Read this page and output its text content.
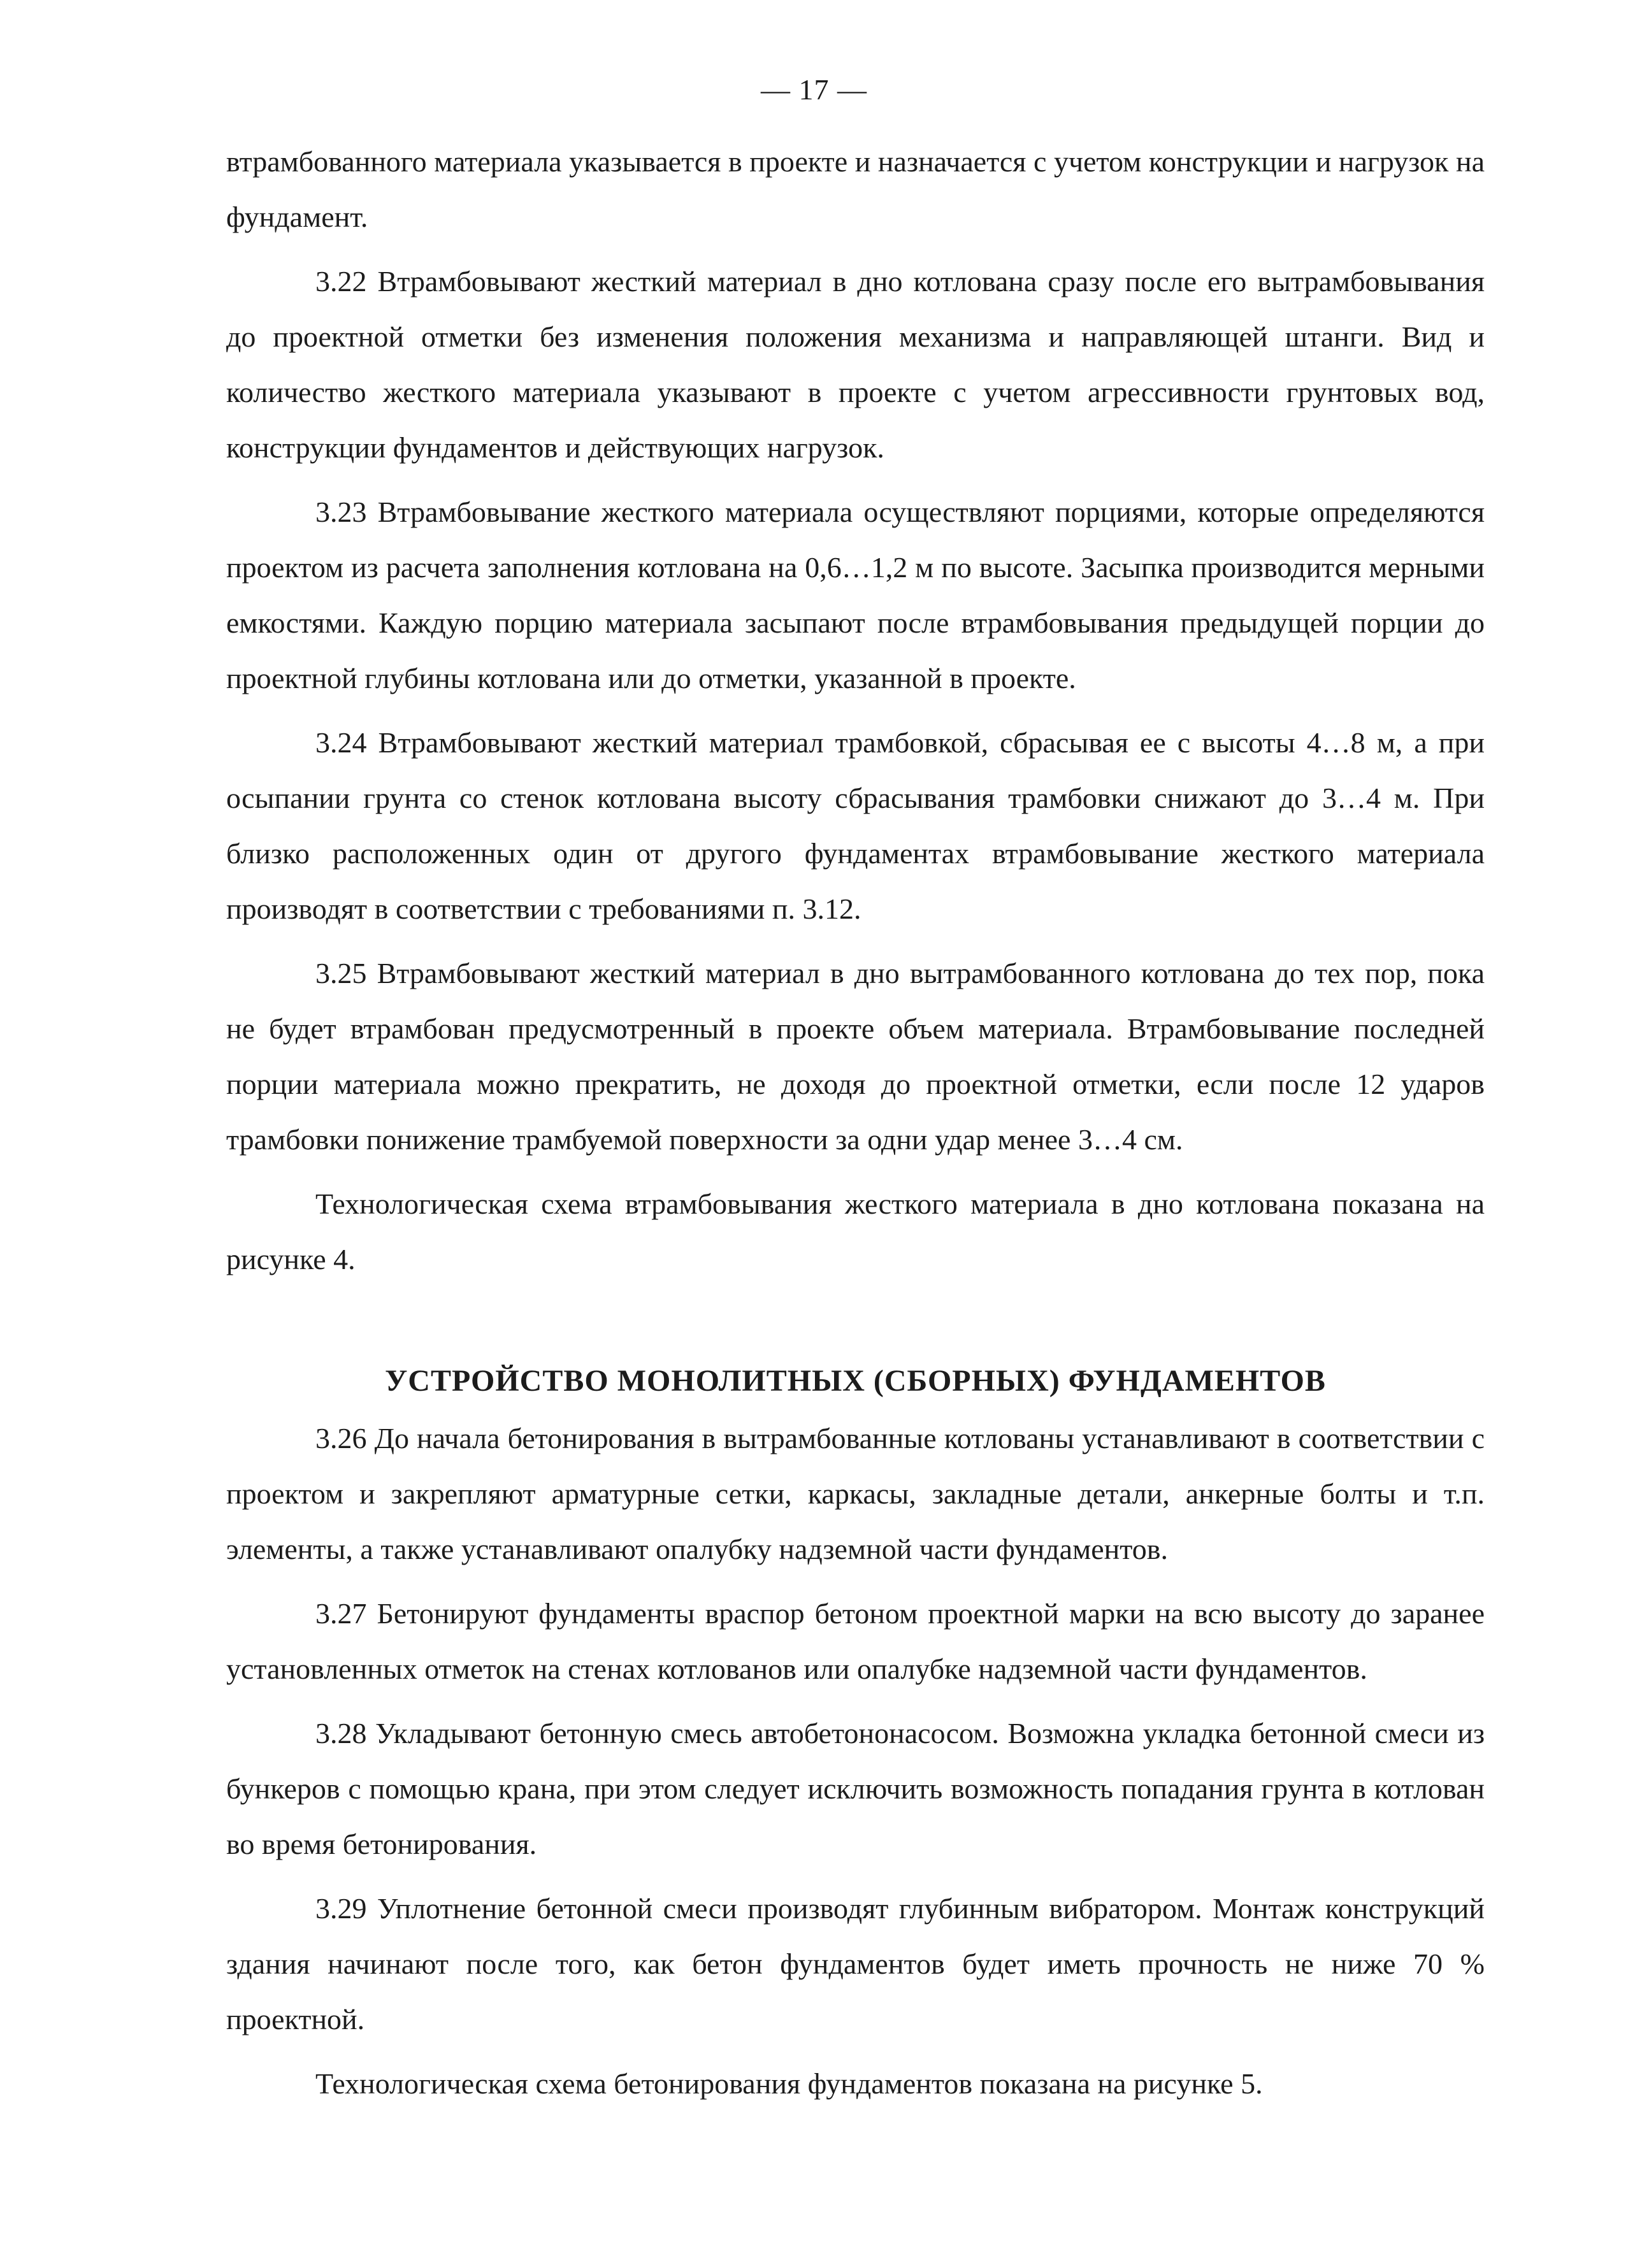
— 17 —

втрамбованного материала указывается в проекте и назначается с учетом конструкции и нагрузок на фундамент.

3.22 Втрамбовывают жесткий материал в дно котлована сразу после его вытрамбовывания до проектной отметки без изменения положения механизма и направляющей штанги. Вид и количество жесткого материала указывают в проекте с учетом агрессивности грунтовых вод, конструкции фундаментов и действующих нагрузок.

3.23 Втрамбовывание жесткого материала осуществляют порциями, которые определяются проектом из расчета заполнения котлована на 0,6…1,2 м по высоте. Засыпка производится мерными емкостями. Каждую порцию материала засыпают после втрамбовывания предыдущей порции до проектной глубины котлована или до отметки, указанной в проекте.

3.24 Втрамбовывают жесткий материал трамбовкой, сбрасывая ее с высоты 4…8 м, а при осыпании грунта со стенок котлована высоту сбрасывания трамбовки снижают до 3…4 м. При близко расположенных один от другого фундаментах втрамбовывание жесткого материала производят в соответствии с требованиями п. 3.12.

3.25 Втрамбовывают жесткий материал в дно вытрамбованного котлована до тех пор, пока не будет втрамбован предусмотренный в проекте объем материала. Втрамбовывание последней порции материала можно прекратить, не доходя до проектной отметки, если после 12 ударов трамбовки понижение трамбуемой поверхности за одни удар менее 3…4 см.

Технологическая схема втрамбовывания жесткого материала в дно котлована показана на рисунке 4.

УСТРОЙСТВО МОНОЛИТНЫХ (СБОРНЫХ) ФУНДАМЕНТОВ

3.26 До начала бетонирования в вытрамбованные котлованы устанавливают в соответствии с проектом и закрепляют арматурные сетки, каркасы, закладные детали, анкерные болты и т.п. элементы, а также устанавливают опалубку надземной части фундаментов.

3.27 Бетонируют фундаменты враспор бетоном проектной марки на всю высоту до заранее установленных отметок на стенах котлованов или опалубке надземной части фундаментов.

3.28 Укладывают бетонную смесь автобетононасосом. Возможна укладка бетонной смеси из бункеров с помощью крана, при этом следует исключить возможность попадания грунта в котлован во время бетонирования.

3.29 Уплотнение бетонной смеси производят глубинным вибратором. Монтаж конструкций здания начинают после того, как бетон фундаментов будет иметь прочность не ниже 70 % проектной.

Технологическая схема бетонирования фундаментов показана на рисунке 5.
